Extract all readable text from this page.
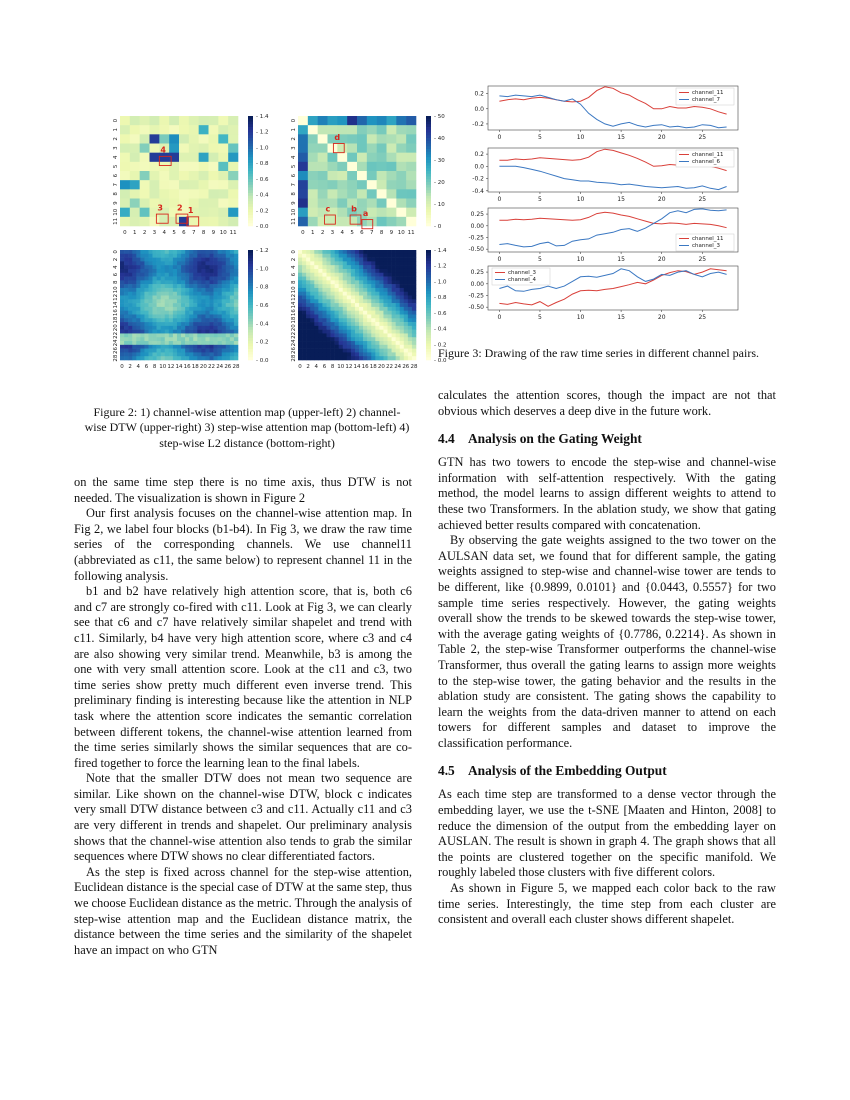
0
1
2
3
4
5
6
7
8
9
10
11
0 1 2 3 4 5 6 7 8 9 10 11
- 1.4
- 1.2
- 1.0
- 0.8
- 0.6
- 0.4
- 0.2
- 0.0
4
3 2 1
0
1
2
3
4
5
6
7
8
9
10
11
0 1 2 3 4 5 6 7 8 9 10 11
- 50
- 40
- 30
- 20
- 10
- 0
d
c	b
a
0
2
4
6
8
10
12
14
16
18
20
22
24
26
28
0 2 4 6 8 10 12 14 16 18 20 22 24 26 28
- 1.2
- 1.0
- 0.8
- 0.6
- 0.4
- 0.2
- 0.0
0
2
4
6
8
10
12
14
16
18
20
22
24
26
28
0 2 4 6 8 10 12 14 16 18 20 22 24 26 28
- 1.4
- 1.2
- 1.0
- 0.8
- 0.6
- 0.4
- 0.2
- 0.0
Figure 2: 1) channel-wise attention map (upper-left) 2) channel-wise DTW (upper-right) 3) step-wise attention map (bottom-left) 4) step-wise L2 distance (bottom-right)
0	5	10	15	20	25
0.2
0.0
-0.2
channel_11
channel_7
0	5	10	15	20	25
0.2
0.0
-0.2
-0.4
channel_11
channel_6
0	5	10	15	20	25
0.25
0.00
-0.25
-0.50
channel_11
channel_3
0	5	10	15	20	25
0.25
0.00
-0.25
-0.50
channel_3
channel_4
Figure 3: Drawing of the raw time series in different channel pairs.

on the same time step there is no time axis, thus DTW is not needed. The visualization is shown in Figure 2

Our first analysis focuses on the channel-wise attention map. In Fig 2, we label four blocks (b1-b4). In Fig 3, we draw the raw time series of the corresponding channels. We use channel11 (abbreviated as c11, the same below) to represent channel 11 in the following analysis.

b1 and b2 have relatively high attention score, that is, both c6 and c7 are strongly co-fired with c11. Look at Fig 3, we can clearly see that c6 and c7 have relatively similar shapelet and trend with c11. Similarly, b4 have very high attention score, where c3 and c4 are also showing very similar trend. Meanwhile, b3 is among the one with very small attention score. Look at the c11 and c3, two time series show pretty much different even inverse trend. This preliminary finding is interesting because like the attention in NLP task where the attention score indicates the semantic correlation between different tokens, the channel-wise attention learned from the time series similarly shows the similar sequences that are co-fired together to force the learning lean to the final labels.

Note that the smaller DTW does not mean two sequence are similar. Like shown on the channel-wise DTW, block c indicates very small DTW distance between c3 and c11. Actually c11 and c3 are very different in trends and shapelet. Our preliminary analysis shows that the channel-wise attention also tends to grab the similar sequences where DTW shows no clear differentiated factors.

As the step is fixed across channel for the step-wise attention, Euclidean distance is the special case of DTW at the same step, thus we choose Euclidean distance as the metric. Through the analysis of step-wise attention map and the Euclidean distance matrix, the distance between the time series and the similarity of the shapelet have an impact on who GTN

calculates the attention scores, though the impact are not that obvious which deserves a deep dive in the future work.

4.4 Analysis on the Gating Weight

GTN has two towers to encode the step-wise and channel-wise information with self-attention respectively. With the gating method, the model learns to assign different weights to attend to these two Transformers. In the ablation study, we show that gating achieved better results compared with concatenation.

By observing the gate weights assigned to the two tower on the AULSAN data set, we found that for different sample, the gating weights assigned to step-wise and channel-wise tower are tends to be different, like {0.9899, 0.0101} and {0.0443, 0.5557} for two sample time series respectively. However, the gating weights overall show the trends to be skewed towards the step-wise tower, with the average gating weights of {0.7786, 0.2214}. As shown in Table 2, the step-wise Transformer outperforms the channel-wise Transformer, thus overall the gating learns to assign more weights to the step-wise tower, the gating behavior and the results in the ablation study are consistent. The gating shows the capability to learn the weights from the data-driven manner to attend on each towers for different samples and dataset to improve the classification performance.

4.5 Analysis of the Embedding Output

As each time step are transformed to a dense vector through the embedding layer, we use the t-SNE [Maaten and Hinton, 2008] to reduce the dimension of the output from the embedding layer on AUSLAN. The result is shown in graph 4. The graph shows that all the points are clustered together on the specific manifold. We roughly labeled those clusters with five different colors.

As shown in Figure 5, we mapped each color back to the raw time series. Interestingly, the time step from each cluster are consistent and overall each cluster shows different shapelet.
